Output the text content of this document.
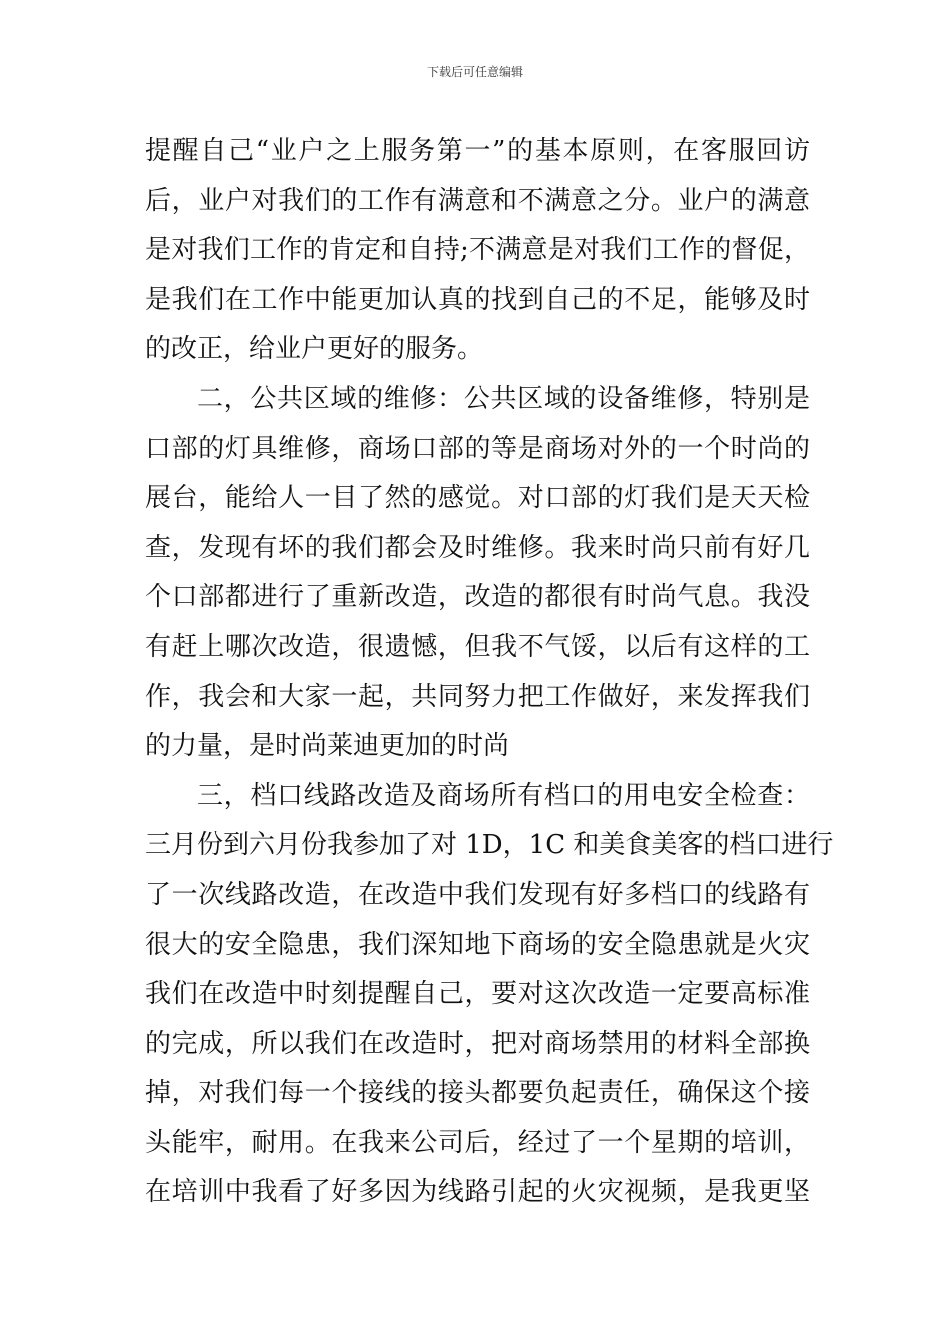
下载后可任意编辑
提醒自己“业户之上服务第一”的基本原则，在客服回访
后，业户对我们的工作有满意和不满意之分。业户的满意
是对我们工作的肯定和自持;不满意是对我们工作的督促，
是我们在工作中能更加认真的找到自己的不足，能够及时
的改正，给业户更好的服务。
二，公共区域的维修：公共区域的设备维修，特别是
口部的灯具维修，商场口部的等是商场对外的一个时尚的
展台，能给人一目了然的感觉。对口部的灯我们是天天检
查，发现有坏的我们都会及时维修。我来时尚只前有好几
个口部都进行了重新改造，改造的都很有时尚气息。我没
有赶上哪次改造，很遗憾，但我不气馁，以后有这样的工
作，我会和大家一起，共同努力把工作做好，来发挥我们
的力量，是时尚莱迪更加的时尚
三，档口线路改造及商场所有档口的用电安全检查：
三月份到六月份我参加了对 1D，1C 和美食美客的档口进行
了一次线路改造，在改造中我们发现有好多档口的线路有
很大的安全隐患，我们深知地下商场的安全隐患就是火灾
我们在改造中时刻提醒自己，要对这次改造一定要高标准
的完成，所以我们在改造时，把对商场禁用的材料全部换
掉，对我们每一个接线的接头都要负起责任，确保这个接
头能牢，耐用。在我来公司后，经过了一个星期的培训，
在培训中我看了好多因为线路引起的火灾视频，是我更坚
